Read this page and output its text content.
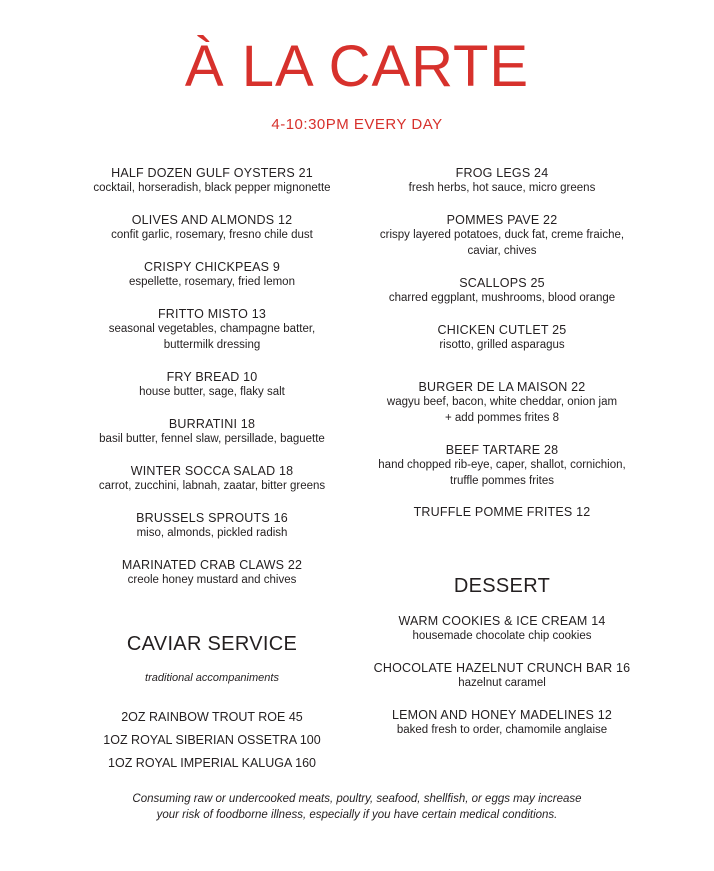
À LA CARTE
4-10:30PM EVERY DAY
HALF DOZEN GULF OYSTERS 21
cocktail, horseradish, black pepper mignonette
OLIVES AND ALMONDS 12
confit garlic, rosemary, fresno chile dust
CRISPY CHICKPEAS 9
espellette, rosemary, fried lemon
FRITTO MISTO 13
seasonal vegetables, champagne batter,
buttermilk dressing
FRY BREAD 10
house butter, sage, flaky salt
BURRATINI 18
basil butter, fennel slaw, persillade, baguette
WINTER SOCCA SALAD 18
carrot, zucchini, labnah, zaatar, bitter greens
BRUSSELS SPROUTS 16
miso, almonds, pickled radish
MARINATED CRAB CLAWS 22
creole honey mustard and chives
CAVIAR SERVICE
traditional accompaniments
2OZ RAINBOW TROUT ROE 45
1OZ ROYAL SIBERIAN OSSETRA 100
1OZ ROYAL IMPERIAL KALUGA 160
FROG LEGS 24
fresh herbs, hot sauce, micro greens
POMMES PAVE 22
crispy layered potatoes, duck fat, creme fraiche,
caviar, chives
SCALLOPS 25
charred eggplant, mushrooms, blood orange
CHICKEN CUTLET 25
risotto, grilled asparagus
BURGER DE LA MAISON 22
wagyu beef, bacon, white cheddar, onion jam
+ add pommes frites 8
BEEF TARTARE 28
hand chopped rib-eye, caper, shallot, cornichion,
truffle pommes frites
TRUFFLE POMME FRITES 12
DESSERT
WARM COOKIES & ICE CREAM 14
housemade chocolate chip cookies
CHOCOLATE HAZELNUT CRUNCH BAR 16
hazelnut caramel
LEMON AND HONEY MADELINES 12
baked fresh to order, chamomile anglaise
Consuming raw or undercooked meats, poultry, seafood, shellfish, or eggs may increase
your risk of foodborne illness, especially if you have certain medical conditions.
